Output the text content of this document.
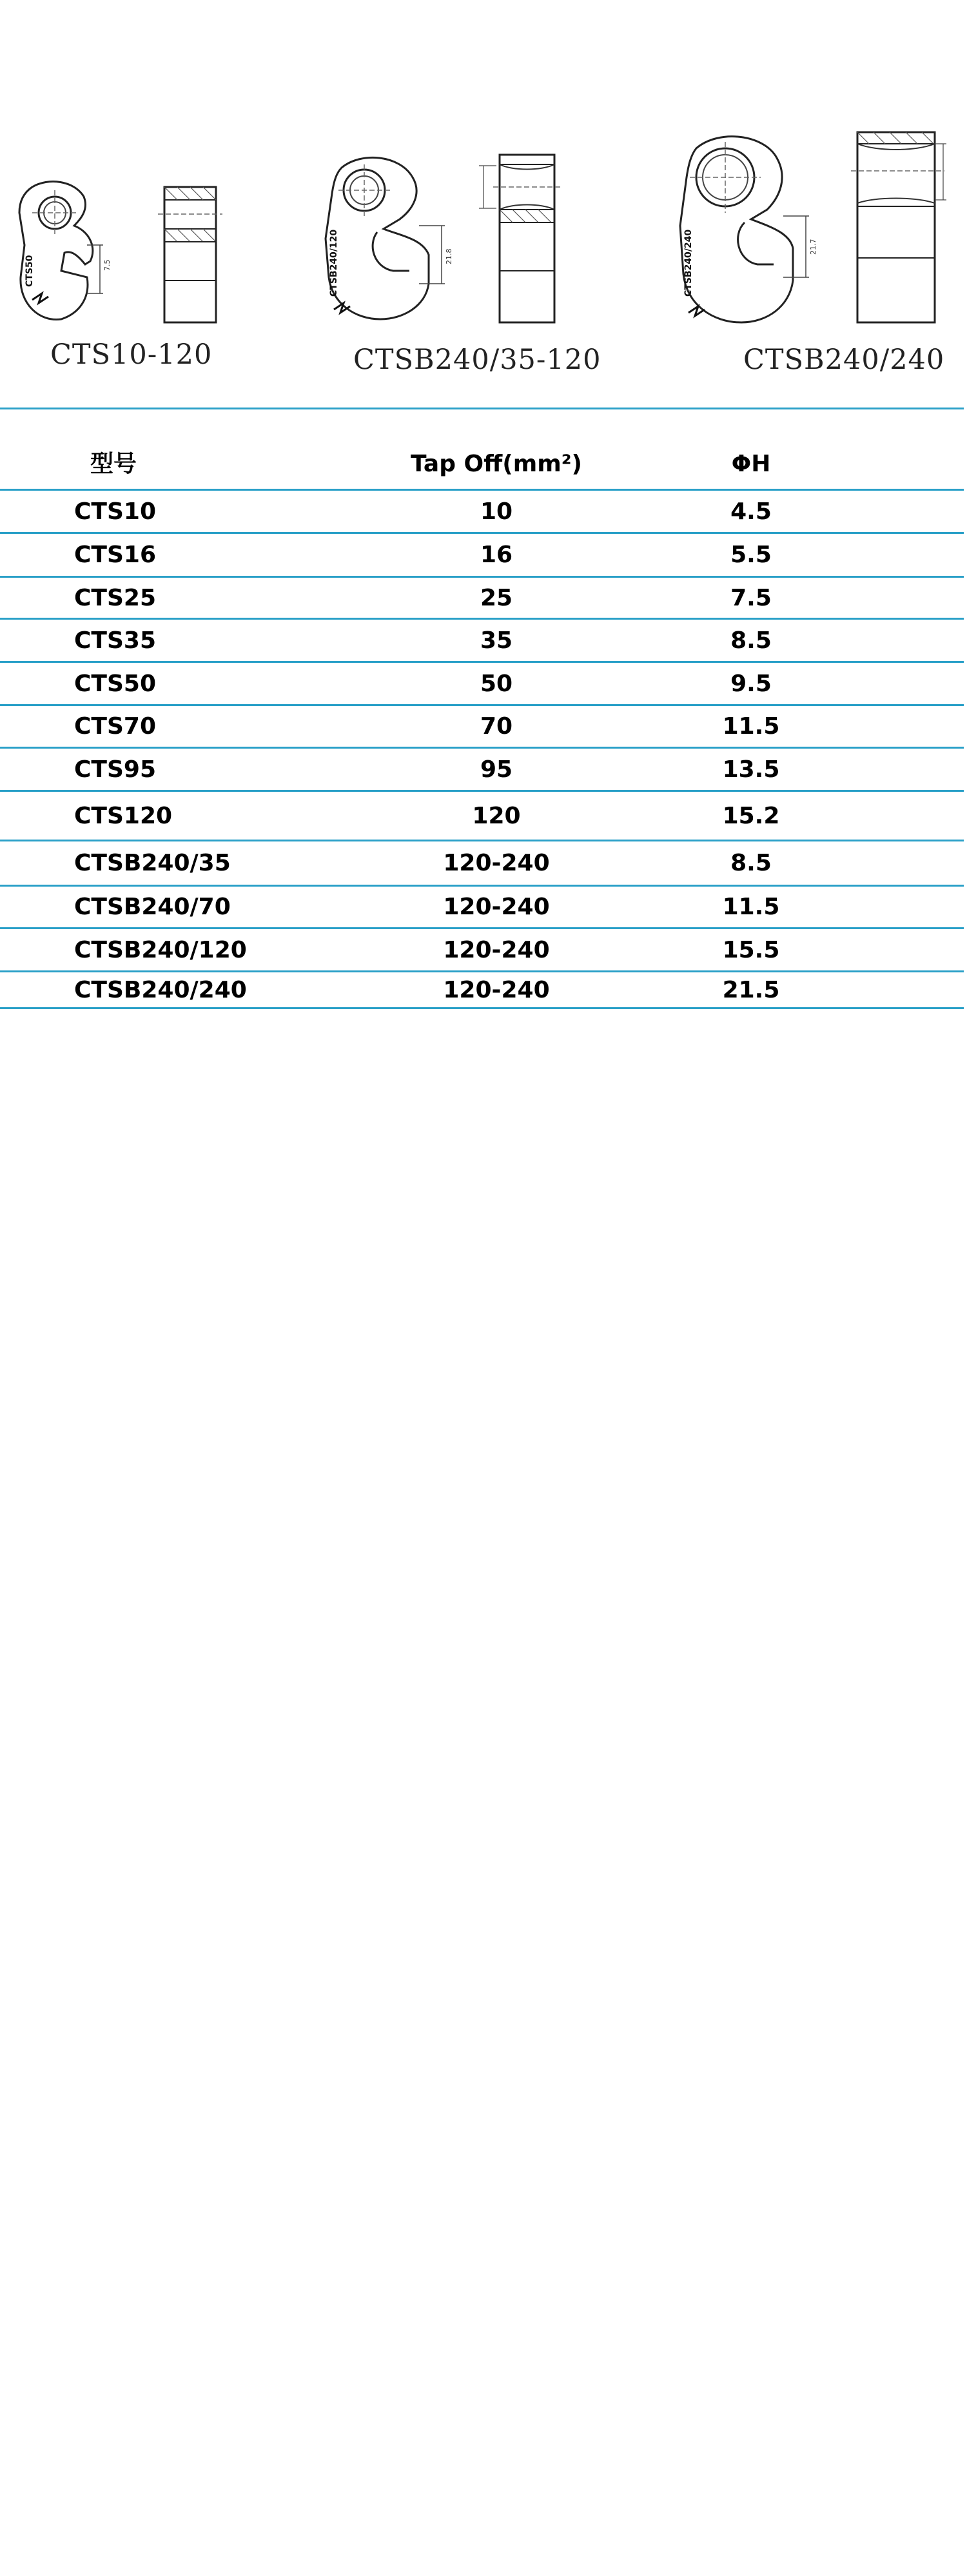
7.5
CTS50	21.8
CTSB240/120	21.7
CTSB240/240
CTS10-120	CTSB240/35-120	CTSB240/240
型号	Tap Off(mm²)	ΦH
CTS10	10	4.5
CTS16	16	5.5
CTS25	25	7.5
CTS35	35	8.5
CTS50	50	9.5
CTS70	70	11.5
CTS95	95	13.5
CTS120	120	15.2
CTSB240/35	120-240	8.5
CTSB240/70	120-240	11.5
CTSB240/120	120-240	15.5
CTSB240/240	120-240	21.5
